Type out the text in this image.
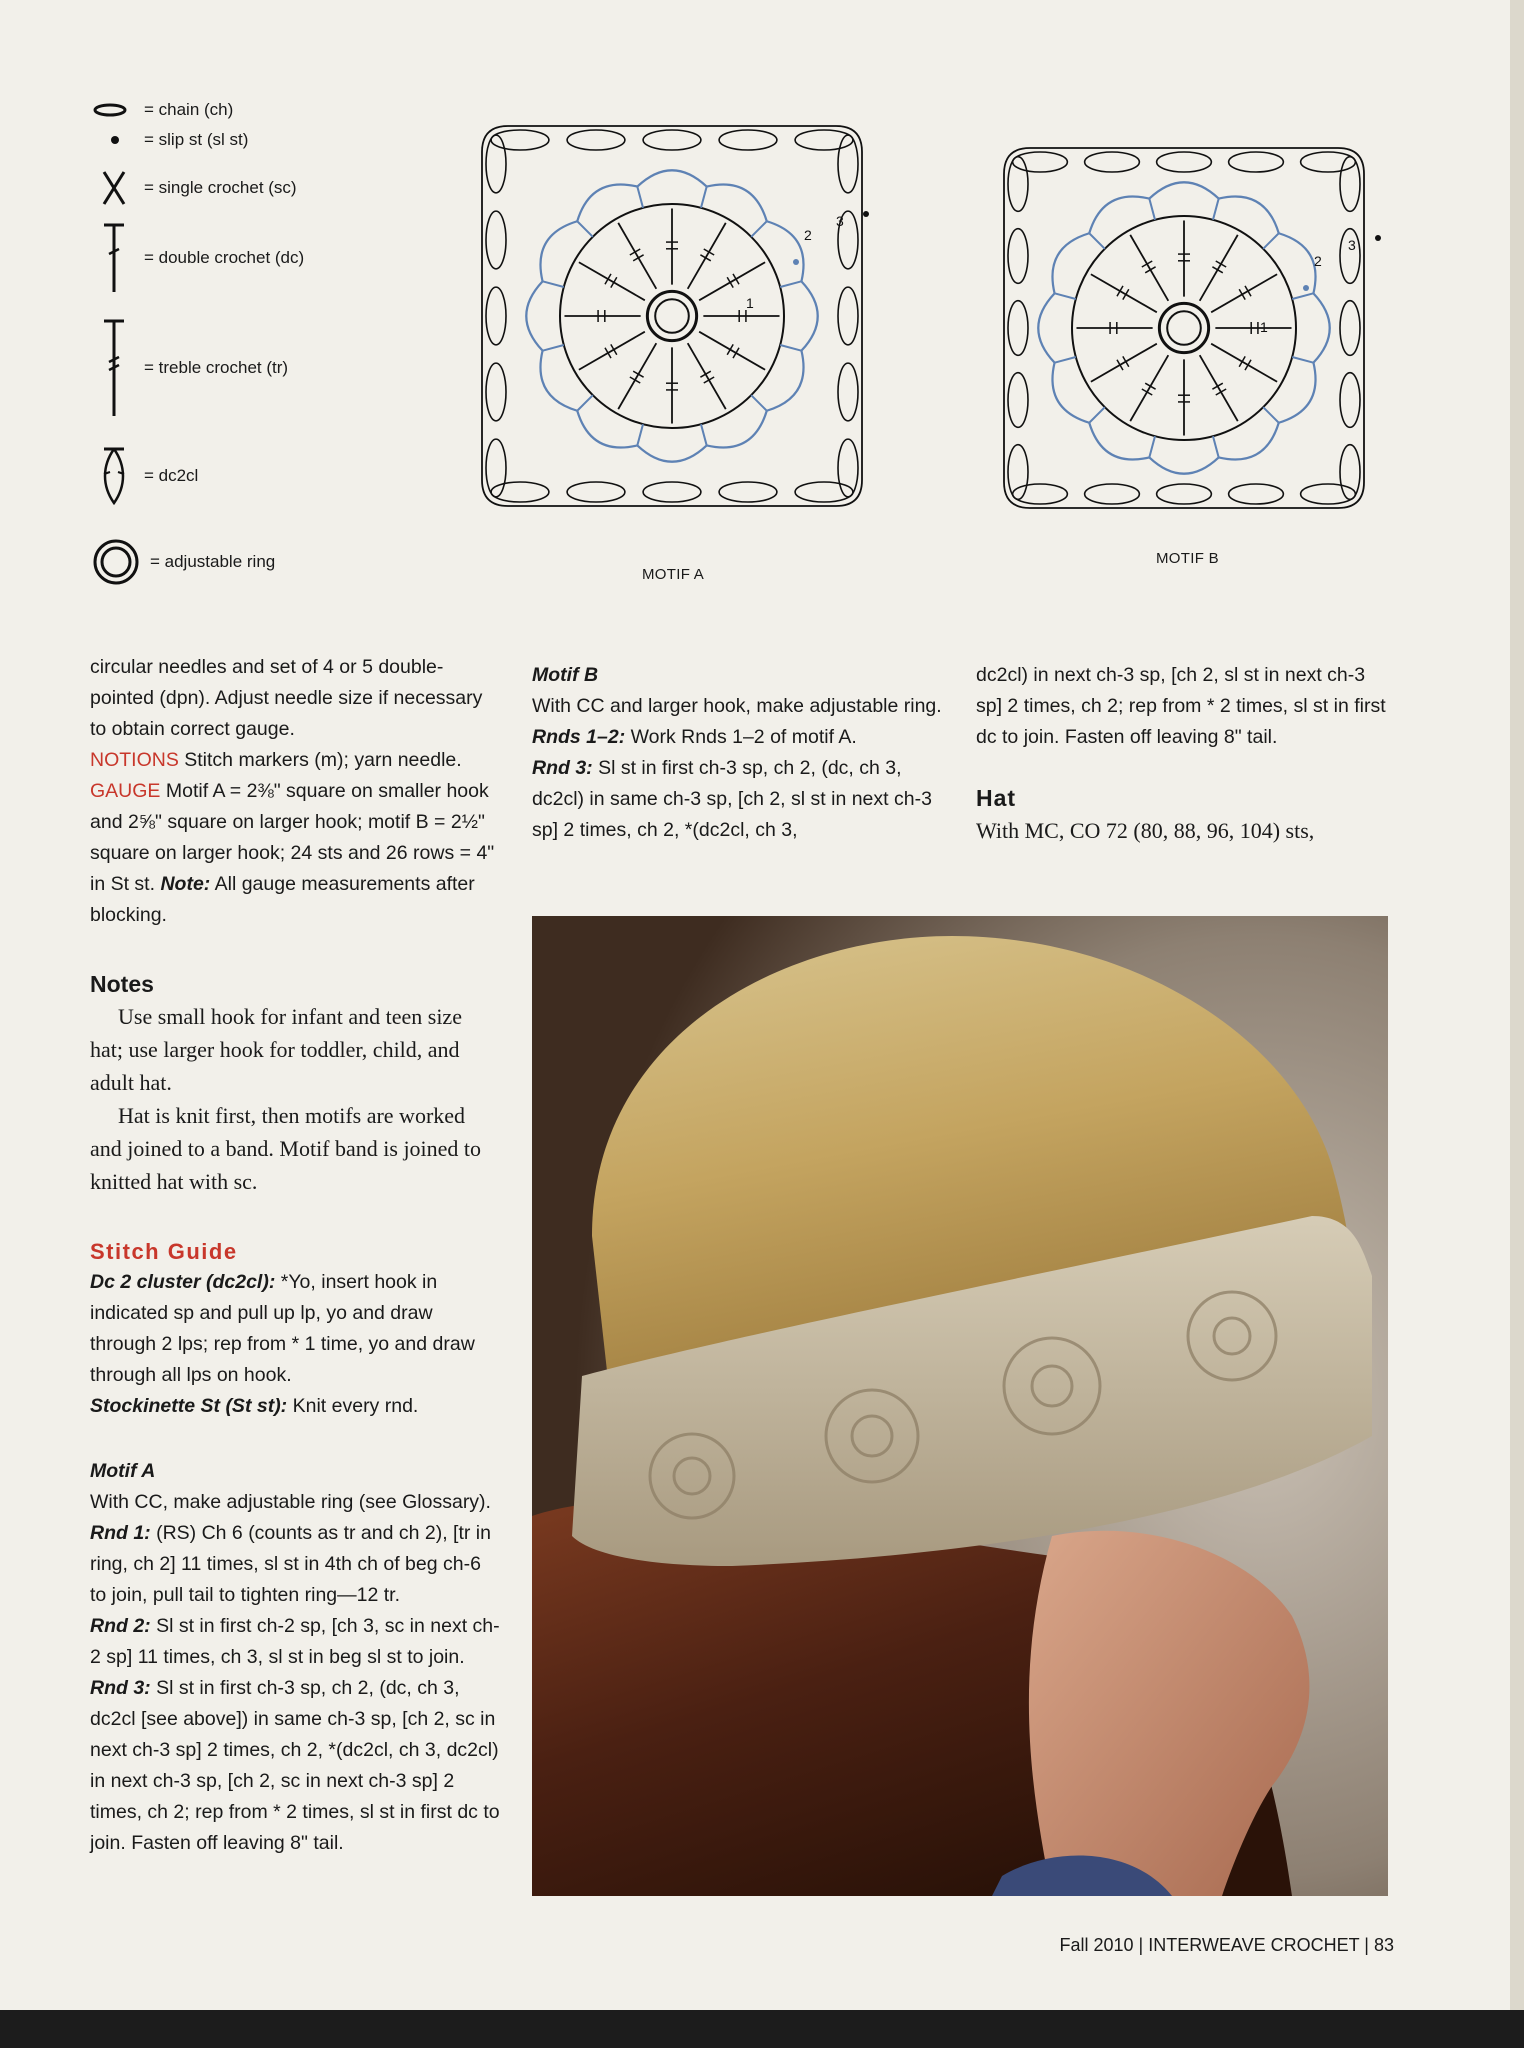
= chain (ch)
= slip st (sl st)
= single crochet (sc)
= double crochet (dc)
= treble crochet (tr)
= dc2cl
= adjustable ring
1
2
3
MOTIF A
1
2
3
MOTIF B

circular needles and set of 4 or 5 double-pointed (dpn). Adjust needle size if necessary to obtain correct gauge.

NOTIONS Stitch markers (m); yarn needle.

GAUGE Motif A = 2⅜" square on smaller hook and 2⅝" square on larger hook; motif B = 2½" square on larger hook; 24 sts and 26 rows = 4" in St st. Note: All gauge measurements after blocking.

Notes

Use small hook for infant and teen size hat; use larger hook for toddler, child, and adult hat.

Hat is knit first, then motifs are worked and joined to a band. Motif band is joined to knitted hat with sc.

Stitch Guide

Dc 2 cluster (dc2cl): *Yo, insert hook in indicated sp and pull up lp, yo and draw through 2 lps; rep from * 1 time, yo and draw through all lps on hook.

Stockinette St (St st): Knit every rnd.

Motif A

With CC, make adjustable ring (see Glossary).

Rnd 1: (RS) Ch 6 (counts as tr and ch 2), [tr in ring, ch 2] 11 times, sl st in 4th ch of beg ch-6 to join, pull tail to tighten ring—12 tr.

Rnd 2: Sl st in first ch-2 sp, [ch 3, sc in next ch-2 sp] 11 times, ch 3, sl st in beg sl st to join.

Rnd 3: Sl st in first ch-3 sp, ch 2, (dc, ch 3, dc2cl [see above]) in same ch-3 sp, [ch 2, sc in next ch-3 sp] 2 times, ch 2, *(dc2cl, ch 3, dc2cl) in next ch-3 sp, [ch 2, sc in next ch-3 sp] 2 times, ch 2; rep from * 2 times, sl st in first dc to join. Fasten off leaving 8" tail.

Motif B

With CC and larger hook, make adjustable ring.

Rnds 1–2: Work Rnds 1–2 of motif A.

Rnd 3: Sl st in first ch-3 sp, ch 2, (dc, ch 3, dc2cl) in same ch-3 sp, [ch 2, sl st in next ch-3 sp] 2 times, ch 2, *(dc2cl, ch 3,

dc2cl) in next ch-3 sp, [ch 2, sl st in next ch-3 sp] 2 times, ch 2; rep from * 2 times, sl st in first dc to join. Fasten off leaving 8" tail.

Hat

With MC, CO 72 (80, 88, 96, 104) sts,

Fall 2010 | INTERWEAVE CROCHET | 83
